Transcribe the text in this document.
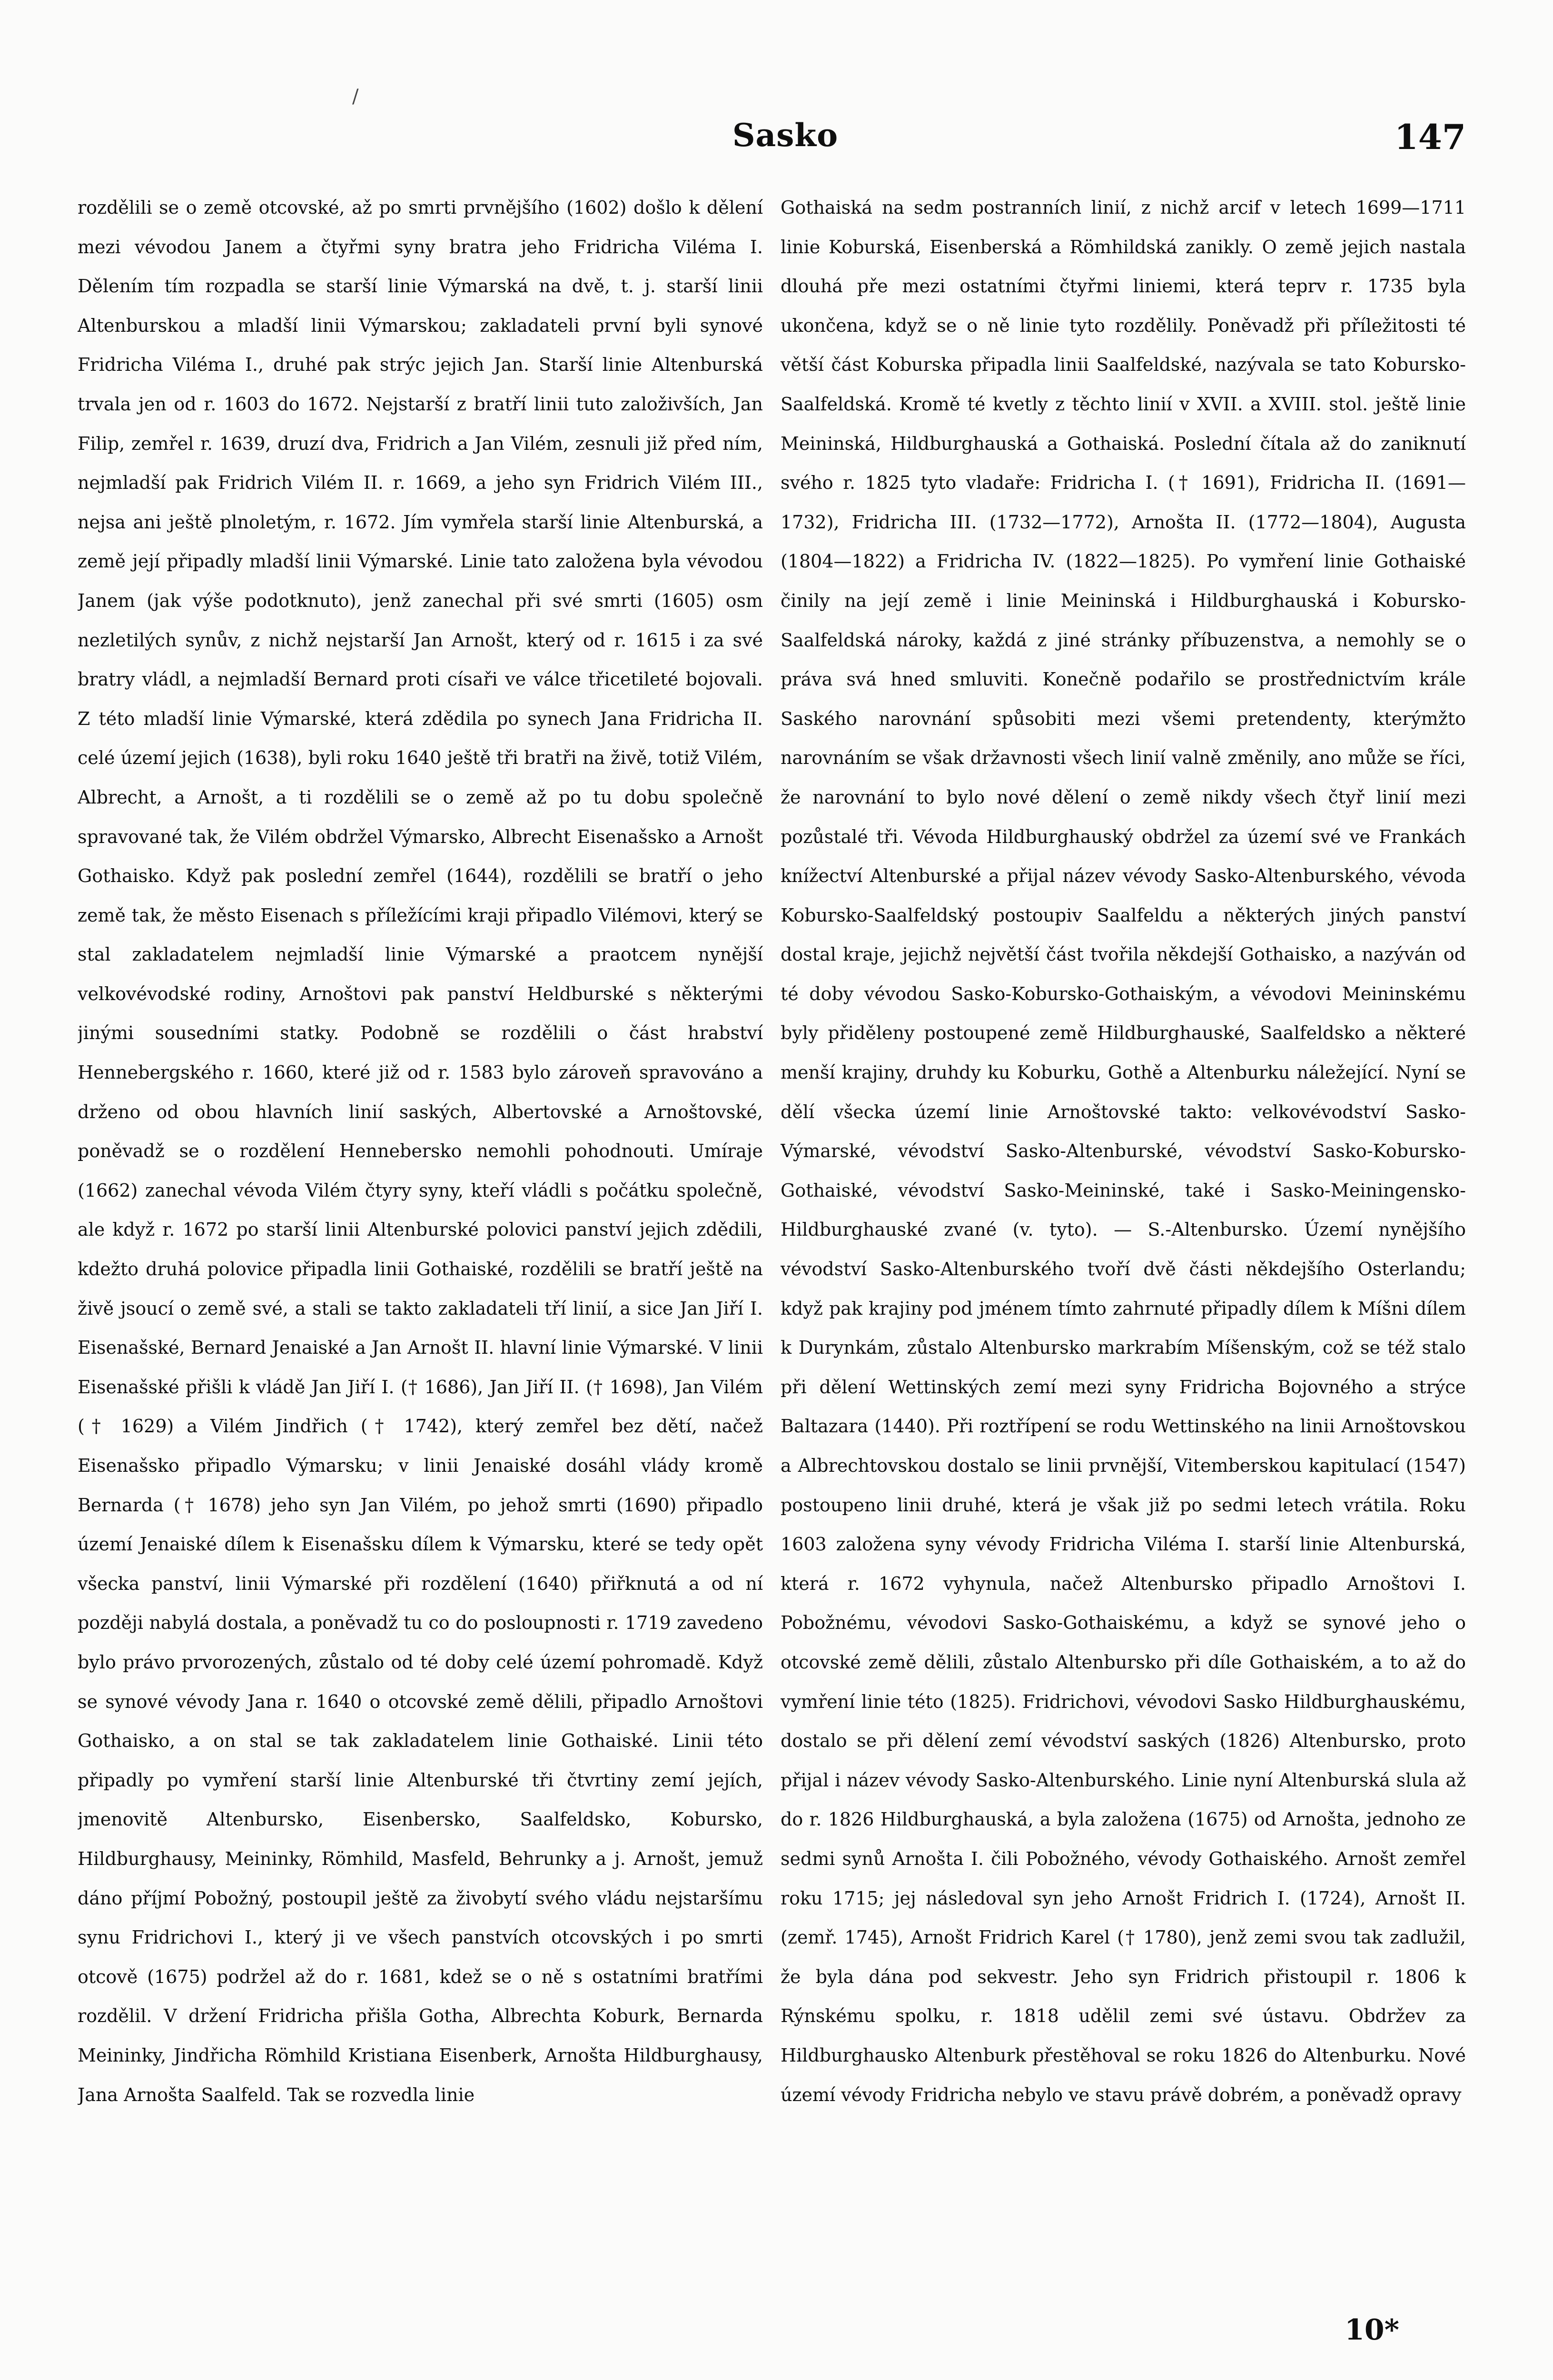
/
Sasko	147

rozdělili se o země otcovské, až po smrti prvnějšího (1602) došlo k dělení mezi vévodou Janem a čtyřmi syny bratra jeho Fridricha Viléma I. Dělením tím rozpadla se starší linie Výmarská na dvě, t. j. starší linii Altenburskou a mladší linii Výmarskou; zakladateli první byli synové Fridricha Viléma I., druhé pak strýc jejich Jan. Starší linie Altenburská trvala jen od r. 1603 do 1672. Nejstarší z bratří linii tuto založivších, Jan Filip, zemřel r. 1639, druzí dva, Fridrich a Jan Vilém, zesnuli již před ním, nejmladší pak Fridrich Vilém II. r. 1669, a jeho syn Fridrich Vilém III., nejsa ani ještě plnoletým, r. 1672. Jím vymřela starší linie Altenburská, a země její připadly mladší linii Výmarské. Linie tato založena byla vévodou Janem (jak výše podotknuto), jenž zanechal při své smrti (1605) osm nezletilých synův, z nichž nejstarší Jan Arnošt, který od r. 1615 i za své bratry vládl, a nejmladší Bernard proti císaři ve válce třicetileté bojovali. Z této mladší linie Výmarské, která zdědila po synech Jana Fridricha II. celé území jejich (1638), byli roku 1640 ještě tři bratři na živě, totiž Vilém, Albrecht, a Arnošt, a ti rozdělili se o země až po tu dobu společně spravované tak, že Vilém obdržel Výmarsko, Albrecht Eisenašsko a Arnošt Gothaisko. Když pak poslední zemřel (1644), rozdělili se bratří o jeho země tak, že město Eisenach s příležícími kraji připadlo Vilémovi, který se stal zakladatelem nejmladší linie Výmarské a praotcem nynější velkovévodské rodiny, Arnoštovi pak panství Heldburské s některými jinými sousedními statky. Podobně se rozdělili o část hrabství Hennebergského r. 1660, které již od r. 1583 bylo zároveň spravováno a drženo od obou hlavních linií saských, Albertovské a Arnoštovské, poněvadž se o rozdělení Hennebersko nemohli pohodnouti. Umíraje (1662) zanechal vévoda Vilém čtyry syny, kteří vládli s počátku společně, ale když r. 1672 po starší linii Altenburské polovici panství jejich zdědili, kdežto druhá polovice připadla linii Gothaiské, rozdělili se bratří ještě na živě jsoucí o země své, a stali se takto zakladateli tří linií, a sice Jan Jiří I. Eisenašské, Bernard Jenaiské a Jan Arnošt II. hlavní linie Výmarské. V linii Eisenašské přišli k vládě Jan Jiří I. († 1686), Jan Jiří II. († 1698), Jan Vilém († 1629) a Vilém Jindřich († 1742), který zemřel bez dětí, načež Eisenašsko připadlo Výmarsku; v linii Jenaiské dosáhl vlády kromě Bernarda († 1678) jeho syn Jan Vilém, po jehož smrti (1690) připadlo území Jenaiské dílem k Eisenašsku dílem k Výmarsku, které se tedy opět všecka panství, linii Výmarské při rozdělení (1640) přiřknutá a od ní později nabylá dostala, a poněvadž tu co do posloupnosti r. 1719 zavedeno bylo právo prvorozených, zůstalo od té doby celé území pohromadě. Když se synové vévody Jana r. 1640 o otcovské země dělili, připadlo Arnoštovi Gothaisko, a on stal se tak zakladatelem linie Gothaiské. Linii této připadly po vymření starší linie Altenburské tři čtvrtiny zemí jejích, jmenovitě Altenbursko, Eisenbersko, Saalfeldsko, Kobursko, Hildburghausy, Meininky, Römhild, Masfeld, Behrunky a j. Arnošt, jemuž dáno příjmí Pobožný, postoupil ještě za živobytí svého vládu nejstaršímu synu Fridrichovi I., který ji ve všech panstvích otcovských i po smrti otcově (1675) podržel až do r. 1681, kdež se o ně s ostatními bratřími rozdělil. V držení Fridricha přišla Gotha, Albrechta Koburk, Bernarda Meininky, Jindřicha Römhild Kristiana Eisenberk, Arnošta Hildburghausy, Jana Arnošta Saalfeld. Tak se rozvedla linie

Gothaiská na sedm postranních linií, z nichž arcif v letech 1699—1711 linie Koburská, Eisenberská a Römhildská zanikly. O země jejich nastala dlouhá pře mezi ostatními čtyřmi liniemi, která teprv r. 1735 byla ukončena, když se o ně linie tyto rozdělily. Poněvadž při příležitosti té větší část Koburska připadla linii Saalfeldské, nazývala se tato Kobursko-Saalfeldská. Kromě té kvetly z těchto linií v XVII. a XVIII. stol. ještě linie Meininská, Hildburghauská a Gothaiská. Poslední čítala až do zaniknutí svého r. 1825 tyto vladaře: Fridricha I. († 1691), Fridricha II. (1691—1732), Fridricha III. (1732—1772), Arnošta II. (1772—1804), Augusta (1804—1822) a Fridricha IV. (1822—1825). Po vymření linie Gothaiské činily na její země i linie Meininská i Hildburghauská i Kobursko-Saalfeldská nároky, každá z jiné stránky příbuzenstva, a nemohly se o práva svá hned smluviti. Konečně podařilo se prostřednictvím krále Saského narovnání spůsobiti mezi všemi pretendenty, kterýmžto narovnáním se však državnosti všech linií valně změnily, ano může se říci, že narovnání to bylo nové dělení o země nikdy všech čtyř linií mezi pozůstalé tři. Vévoda Hildburghauský obdržel za území své ve Frankách knížectví Altenburské a přijal název vévody Sasko-Altenburského, vévoda Kobursko-Saalfeldský postoupiv Saalfeldu a některých jiných panství dostal kraje, jejichž největší část tvořila někdejší Gothaisko, a nazýván od té doby vévodou Sasko-Kobursko-Gothaiským, a vévodovi Meininskému byly přiděleny postoupené země Hildburghauské, Saalfeldsko a některé menší krajiny, druhdy ku Koburku, Gothě a Altenburku náležející. Nyní se dělí všecka území linie Arnoštovské takto: velkovévodství Sasko-Výmarské, vévodství Sasko-Altenburské, vévodství Sasko-Kobursko-Gothaiské, vévodství Sasko-Meininské, také i Sasko-Meiningensko-Hildburghauské zvané (v. tyto). — S.-Altenbursko. Území nynějšího vévodství Sasko-Altenburského tvoří dvě části někdejšího Osterlandu; když pak krajiny pod jménem tímto zahrnuté připadly dílem k Míšni dílem k Durynkám, zůstalo Altenbursko markrabím Míšenským, což se též stalo při dělení Wettinských zemí mezi syny Fridricha Bojovného a strýce Baltazara (1440). Při roztřípení se rodu Wettinského na linii Arnoštovskou a Albrechtovskou dostalo se linii prvnější, Vitemberskou kapitulací (1547) postoupeno linii druhé, která je však již po sedmi letech vrátila. Roku 1603 založena syny vévody Fridricha Viléma I. starší linie Altenburská, která r. 1672 vyhynula, načež Altenbursko připadlo Arnoštovi I. Pobožnému, vévodovi Sasko-Gothaiskému, a když se synové jeho o otcovské země dělili, zůstalo Altenbursko při díle Gothaiském, a to až do vymření linie této (1825). Fridrichovi, vévodovi Sasko Hildburghauskému, dostalo se při dělení zemí vévodství saských (1826) Altenbursko, proto přijal i název vévody Sasko-Altenburského. Linie nyní Altenburská slula až do r. 1826 Hildburghauská, a byla založena (1675) od Arnošta, jednoho ze sedmi synů Arnošta I. čili Pobožného, vévody Gothaiského. Arnošt zemřel roku 1715; jej následoval syn jeho Arnošt Fridrich I. (1724), Arnošt II. (zemř. 1745), Arnošt Fridrich Karel († 1780), jenž zemi svou tak zadlužil, že byla dána pod sekvestr. Jeho syn Fridrich přistoupil r. 1806 k Rýnskému spolku, r. 1818 udělil zemi své ústavu. Obdržev za Hildburghausko Altenburk přestěhoval se roku 1826 do Altenburku. Nové území vévody Fridricha nebylo ve stavu právě dobrém, a poněvadž opravy

10*
